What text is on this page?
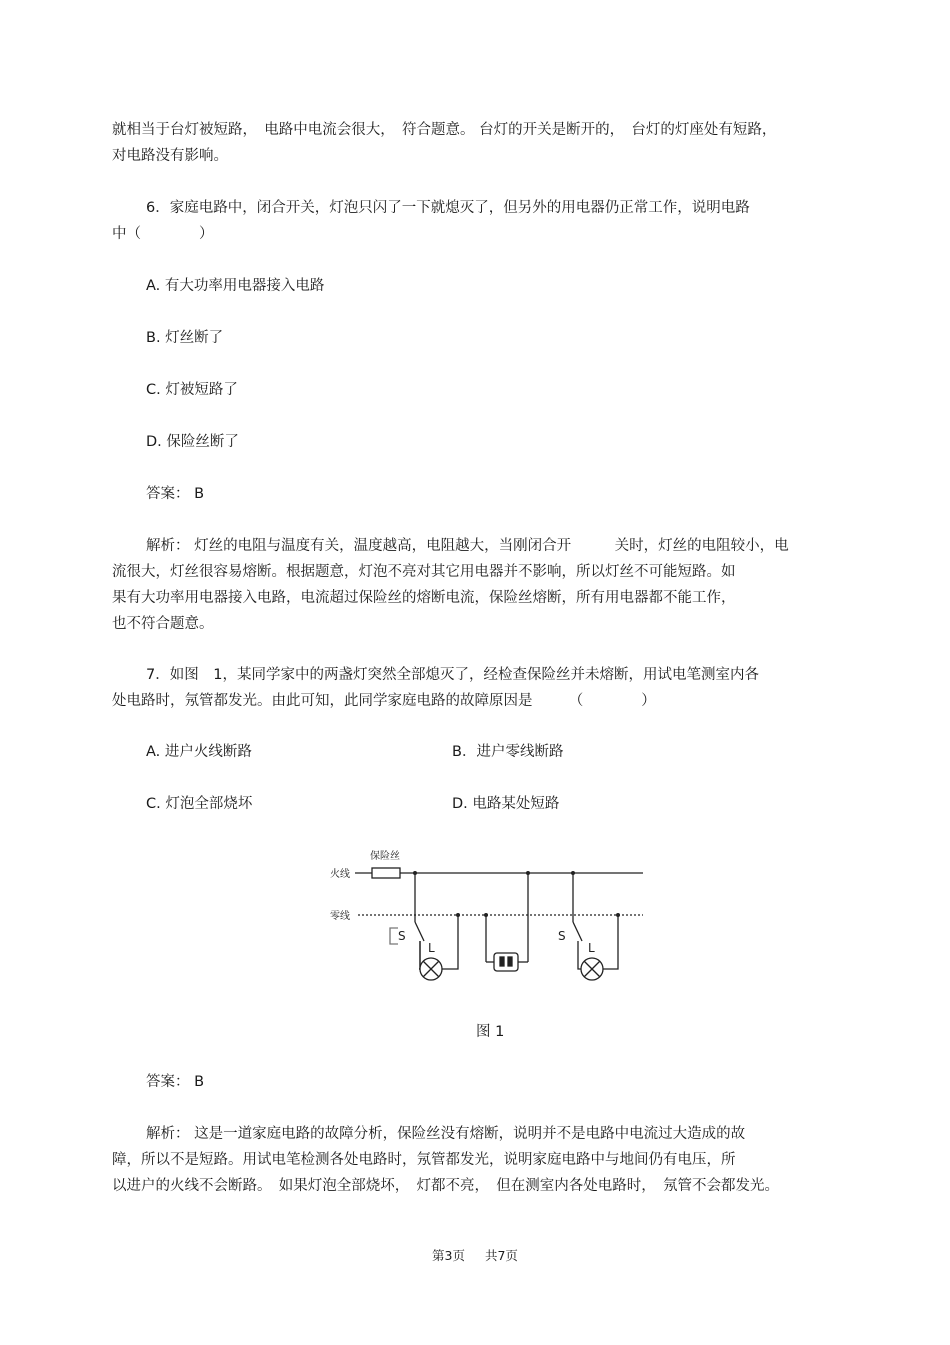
就相当于台灯被短路，　电路中电流会很大，　符合题意。 台灯的开关是断开的，　台灯的灯座处有短路，
对电路没有影响。
6．家庭电路中，闭合开关，灯泡只闪了一下就熄灭了，但另外的用电器仍正常工作，说明电路
中（　　　　）
A. 有大功率用电器接入电路
B. 灯丝断了
C. 灯被短路了
D. 保险丝断了
答案： B
解析： 灯丝的电阻与温度有关，温度越高，电阻越大，当刚闭合开　　　关时，灯丝的电阻较小，电
流很大，灯丝很容易熔断。根据题意，灯泡不亮对其它用电器并不影响，所以灯丝不可能短路。如
果有大功率用电器接入电路，电流超过保险丝的熔断电流，保险丝熔断，所有用电器都不能工作，
也不符合题意。
7．如图　1，某同学家中的两盏灯突然全部熄灭了，经检查保险丝并未熔断，用试电笔测室内各
处电路时，氖管都发光。由此可知，此同学家庭电路的故障原因是　　　（　　　　）
A. 进户火线断路	B．进户零线断路
C. 灯泡全部烧坏	D. 电路某处短路
保险丝
火线
零线
S
L
S
L
图 1
答案： B
解析： 这是一道家庭电路的故障分析，保险丝没有熔断，说明并不是电路中电流过大造成的故
障，所以不是短路。用试电笔检测各处电路时，氖管都发光，说明家庭电路中与地间仍有电压，所
以进户的火线不会断路。　如果灯泡全部烧坏，　灯都不亮，　但在测室内各处电路时，　氖管不会都发光。
第3页 共7页
